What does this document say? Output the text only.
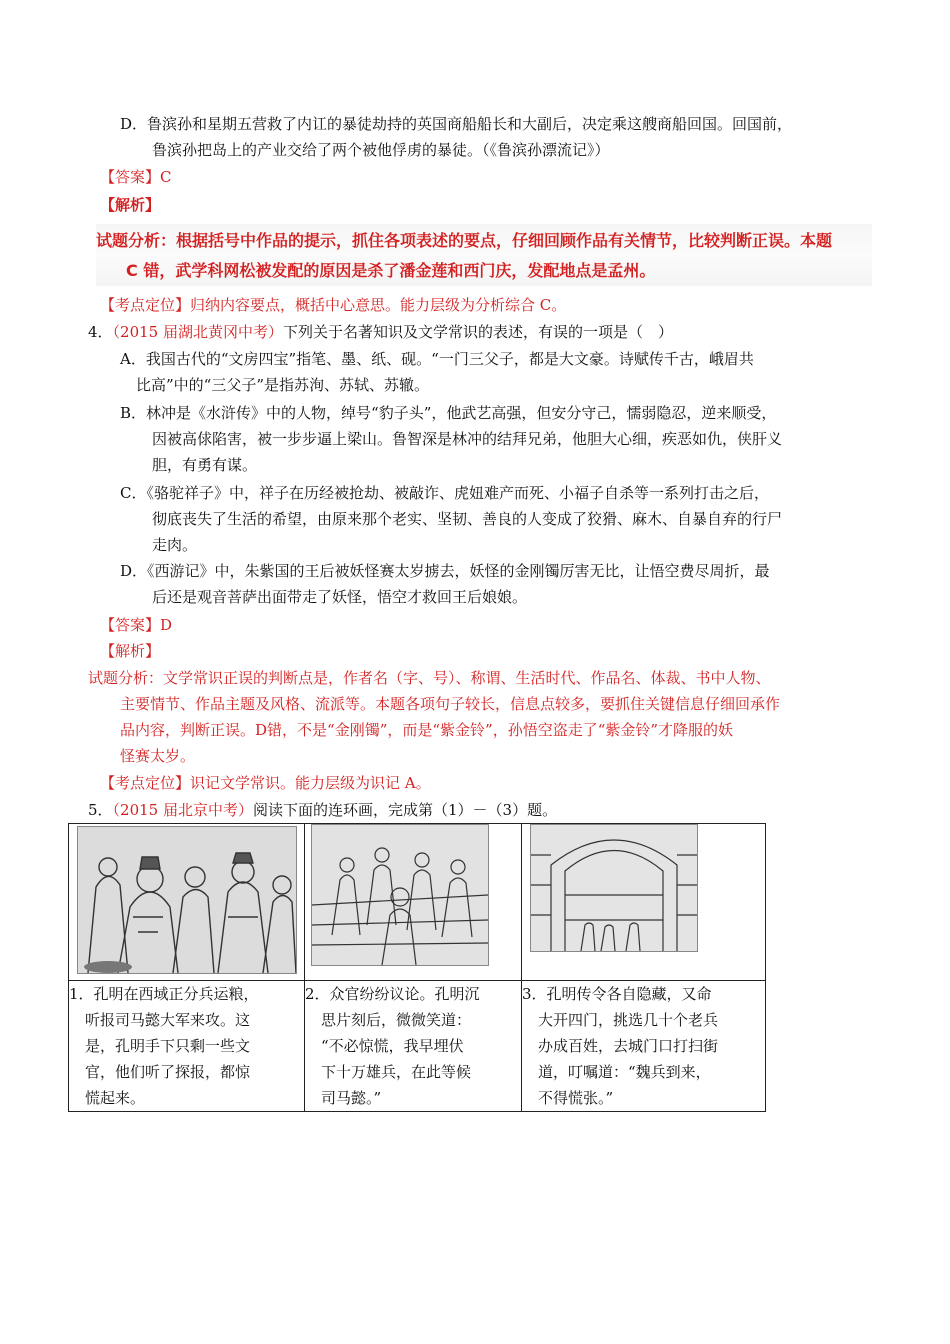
D．鲁滨孙和星期五营救了内讧的暴徒劫持的英国商船船长和大副后，决定乘这艘商船回国。回国前，
鲁滨孙把岛上的产业交给了两个被他俘虏的暴徒。（《鲁滨孙漂流记》）
【答案】C
【解析】
试题分析：根据括号中作品的提示，抓住各项表述的要点，仔细回顾作品有关情节，比较判断正误。本题
C 错，武学科网松被发配的原因是杀了潘金莲和西门庆，发配地点是孟州。
【考点定位】归纳内容要点，概括中心意思。能力层级为分析综合 C。
4．（2015 届湖北黄冈中考）下列关于名著知识及文学常识的表述，有误的一项是（　）
A．我国古代的“文房四宝”指笔、墨、纸、砚。“一门三父子，都是大文豪。诗赋传千古，峨眉共
比高”中的“三父子”是指苏洵、苏轼、苏辙。
B．林冲是《水浒传》中的人物，绰号“豹子头”，他武艺高强，但安分守己，懦弱隐忍，逆来顺受，
因被高俅陷害，被一步步逼上梁山。鲁智深是林冲的结拜兄弟，他胆大心细，疾恶如仇，侠肝义
胆，有勇有谋。
C．《骆驼祥子》中，祥子在历经被抢劫、被敲诈、虎妞难产而死、小福子自杀等一系列打击之后，
彻底丧失了生活的希望，由原来那个老实、坚韧、善良的人变成了狡猾、麻木、自暴自弃的行尸
走肉。
D．《西游记》中，朱紫国的王后被妖怪赛太岁掳去，妖怪的金刚镯厉害无比，让悟空费尽周折，最
后还是观音菩萨出面带走了妖怪，悟空才救回王后娘娘。
【答案】D
【解析】
试题分析：文学常识正误的判断点是，作者名（字、号）、称谓、生活时代、作品名、体裁、书中人物、
主要情节、作品主题及风格、流派等。本题各项句子较长，信息点较多，要抓住关键信息仔细回承作
品内容，判断正误。D错，不是“金刚镯”，而是“紫金铃”，孙悟空盗走了“紫金铃”才降服的妖
怪赛太岁。
【考点定位】识记文学常识。能力层级为识记 A。
5．（2015 届北京中考）阅读下面的连环画，完成第（1）－（3）题。

1．孔明在西域正分兵运粮，
听报司马懿大军来攻。这
是，孔明手下只剩一些文
官，他们听了探报，都惊
慌起来。	2．众官纷纷议论。孔明沉
思片刻后，微微笑道：
“不必惊慌，我早埋伏
下十万雄兵，在此等候
司马懿。”	3．孔明传令各自隐藏，又命
大开四门，挑选几十个老兵
办成百姓，去城门口打扫街
道，叮嘱道：“魏兵到来，
不得慌张。”
